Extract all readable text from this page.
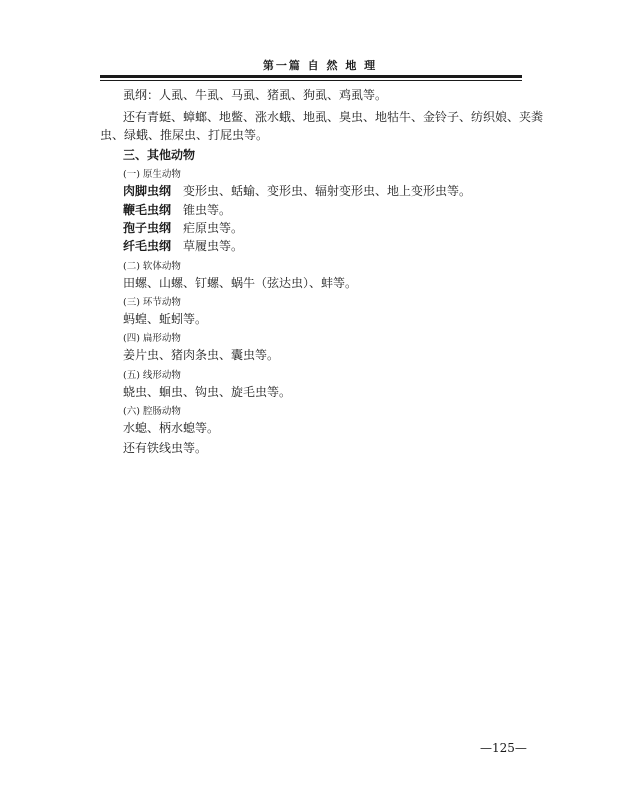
第一篇 自 然 地 理
虱纲：人虱、牛虱、马虱、猪虱、狗虱、鸡虱等。
还有青蜓、蟑螂、地鳖、涨水蛾、地虱、臭虫、地牯牛、金铃子、纺织娘、夹粪
虫、绿蛾、推屎虫、打屁虫等。
三、其他动物
(一) 原生动物
肉脚虫纲 变形虫、蛞蝓、变形虫、辐射变形虫、地上变形虫等。
鞭毛虫纲 锥虫等。
孢子虫纲 疟原虫等。
纤毛虫纲 草履虫等。
(二) 软体动物
田螺、山螺、钉螺、蜗牛（弦达虫）、蚌等。
(三) 环节动物
蚂蝗、蚯蚓等。
(四) 扁形动物
姜片虫、猪肉条虫、囊虫等。
(五) 线形动物
蛲虫、蛔虫、钩虫、旋毛虫等。
(六) 腔肠动物
水螅、柄水螅等。
还有铁线虫等。
—125—
